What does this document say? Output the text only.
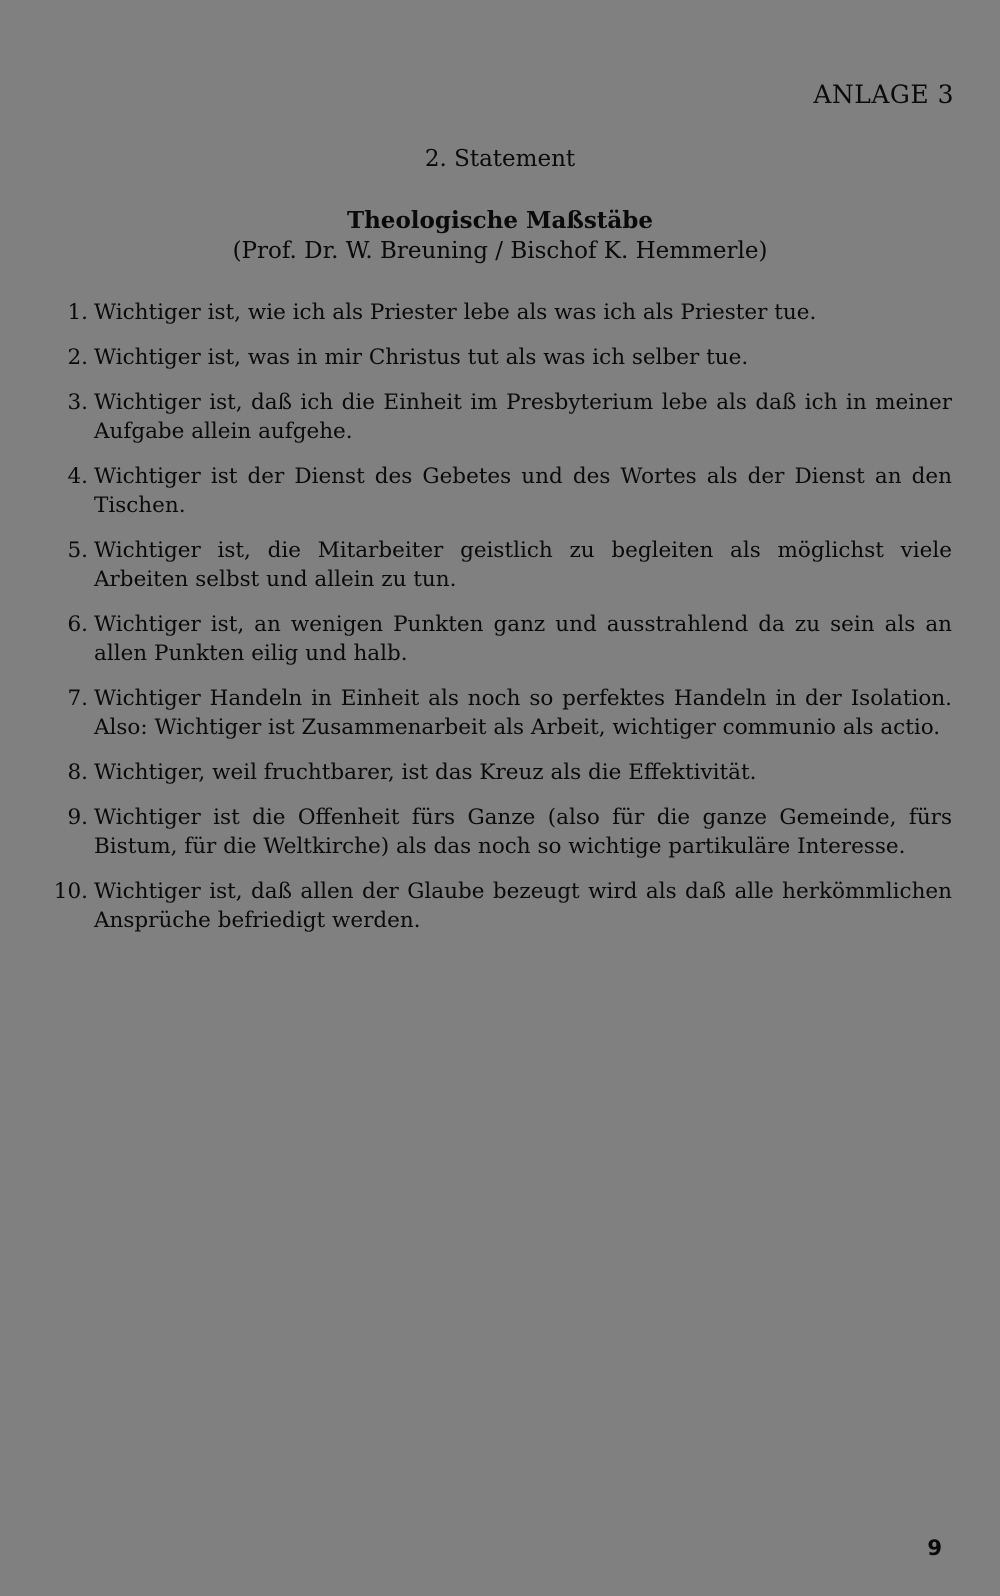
ANLAGE 3
2. Statement
Theologische Maßstäbe
(Prof. Dr. W. Breuning / Bischof K. Hemmerle)
1. Wichtiger ist, wie ich als Priester lebe als was ich als Priester tue.
2. Wichtiger ist, was in mir Christus tut als was ich selber tue.
3. Wichtiger ist, daß ich die Einheit im Presbyterium lebe als daß ich in meiner Aufgabe allein aufgehe.
4. Wichtiger ist der Dienst des Gebetes und des Wortes als der Dienst an den Tischen.
5. Wichtiger ist, die Mitarbeiter geistlich zu begleiten als möglichst viele Arbeiten selbst und allein zu tun.
6. Wichtiger ist, an wenigen Punkten ganz und ausstrahlend da zu sein als an allen Punkten eilig und halb.
7. Wichtiger Handeln in Einheit als noch so perfektes Handeln in der Isolation. Also: Wichtiger ist Zusammenarbeit als Arbeit, wichtiger communio als actio.
8. Wichtiger, weil fruchtbarer, ist das Kreuz als die Effektivität.
9. Wichtiger ist die Offenheit fürs Ganze (also für die ganze Gemeinde, fürs Bistum, für die Weltkirche) als das noch so wichtige partikuläre Interesse.
10. Wichtiger ist, daß allen der Glaube bezeugt wird als daß alle herkömmlichen Ansprüche befriedigt werden.
9
